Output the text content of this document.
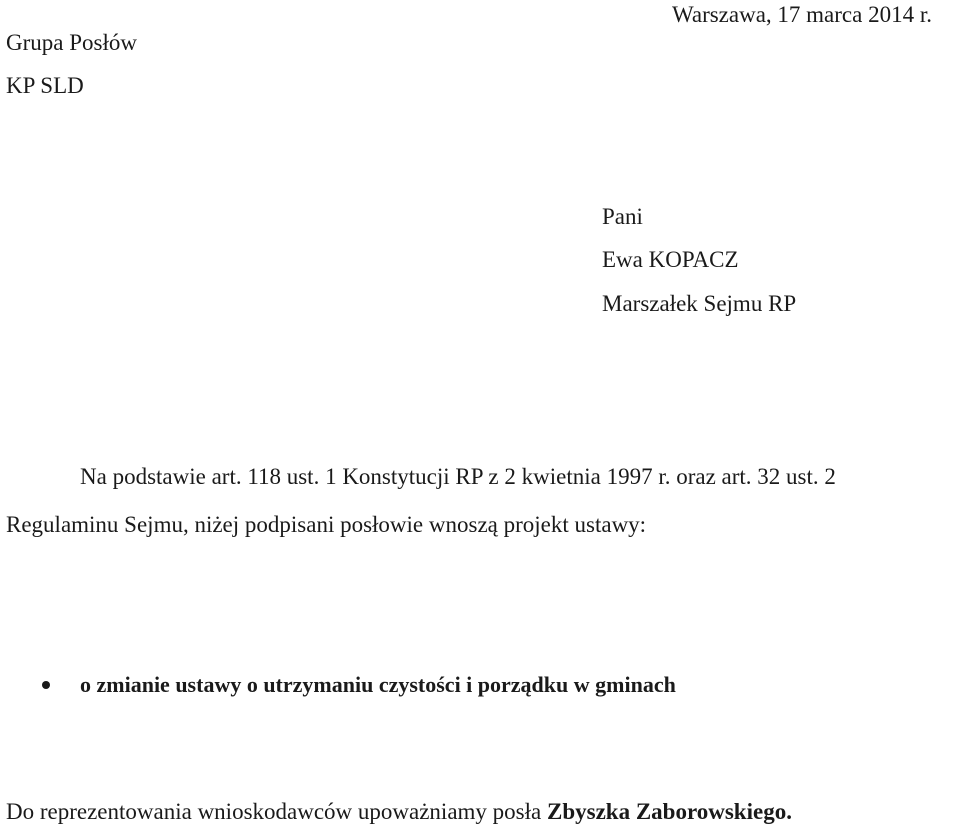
Grupa Posłów
KP SLD
Warszawa, 17 marca 2014 r.
Pani
Ewa KOPACZ
Marszałek Sejmu RP
Na podstawie art. 118 ust. 1 Konstytucji RP z 2 kwietnia 1997 r. oraz art. 32 ust. 2
Regulaminu Sejmu, niżej podpisani posłowie wnoszą projekt ustawy:
o zmianie ustawy o utrzymaniu czystości i porządku w gminach
Do reprezentowania wnioskodawców upoważniamy posła Zbyszka Zaborowskiego.
